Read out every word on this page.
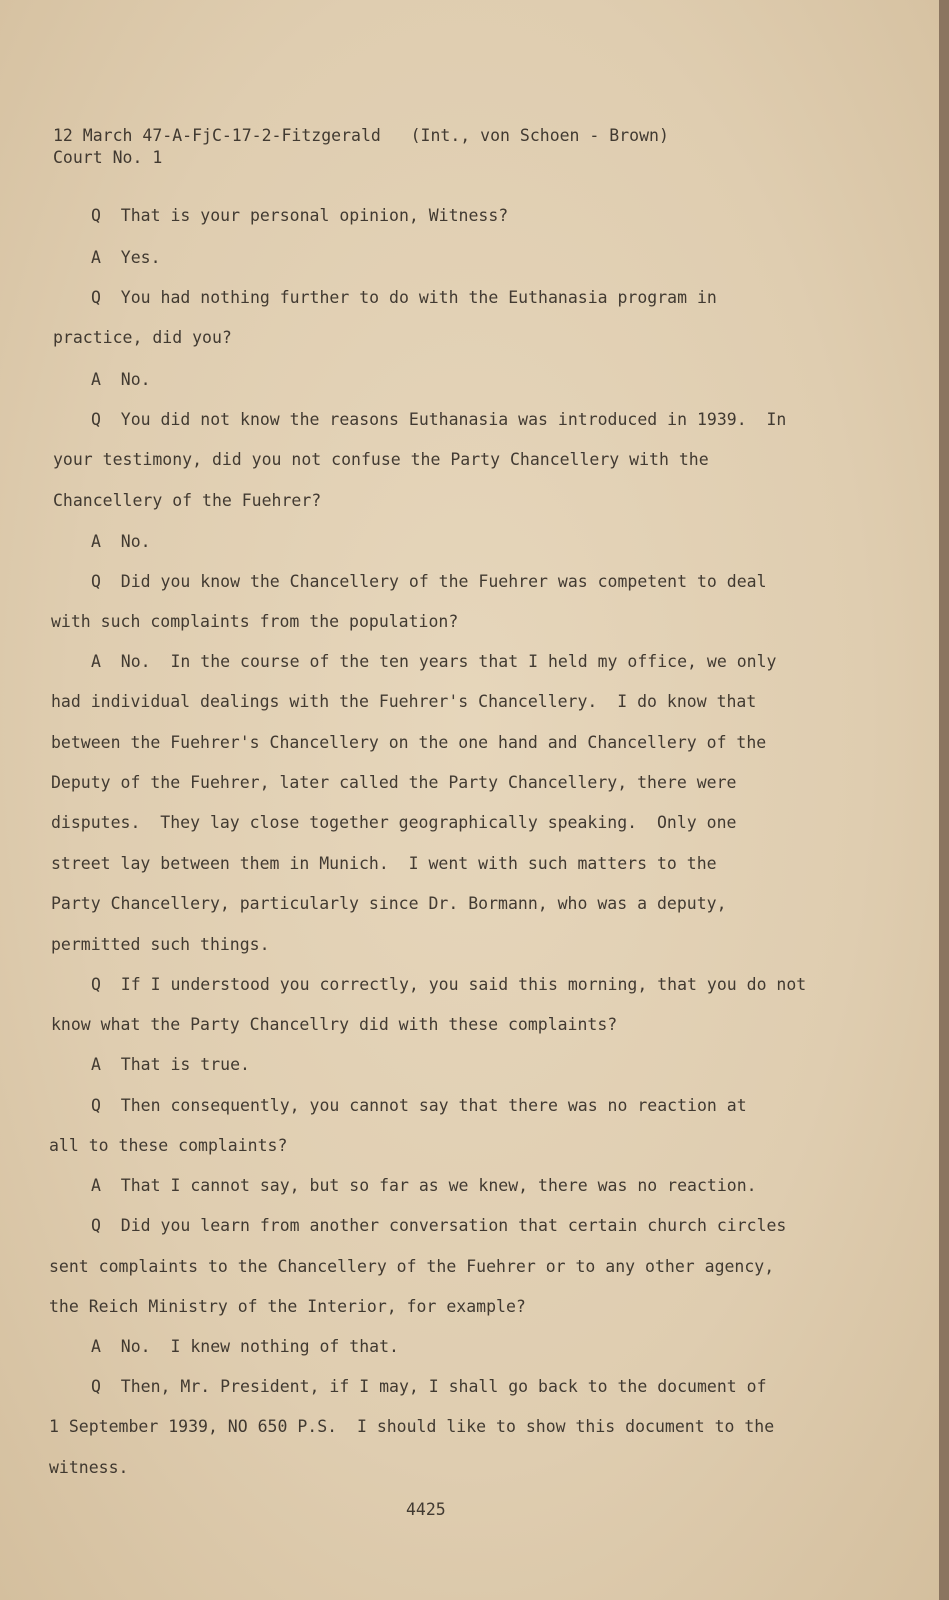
12 March 47-A-FjC-17-2-Fitzgerald   (Int., von Schoen - Brown)

Court No. 1

Q  That is your personal opinion, Witness?

A  Yes.

Q  You had nothing further to do with the Euthanasia program in

practice, did you?

A  No.

Q  You did not know the reasons Euthanasia was introduced in 1939.  In

your testimony, did you not confuse the Party Chancellery with the

Chancellery of the Fuehrer?

A  No.

Q  Did you know the Chancellery of the Fuehrer was competent to deal

with such complaints from the population?

A  No.  In the course of the ten years that I held my office, we only

had individual dealings with the Fuehrer's Chancellery.  I do know that

between the Fuehrer's Chancellery on the one hand and Chancellery of the

Deputy of the Fuehrer, later called the Party Chancellery, there were

disputes.  They lay close together geographically speaking.  Only one

street lay between them in Munich.  I went with such matters to the

Party Chancellery, particularly since Dr. Bormann, who was a deputy,

permitted such things.

Q  If I understood you correctly, you said this morning, that you do not

know what the Party Chancellry did with these complaints?

A  That is true.

Q  Then consequently, you cannot say that there was no reaction at

all to these complaints?

A  That I cannot say, but so far as we knew, there was no reaction.

Q  Did you learn from another conversation that certain church circles

sent complaints to the Chancellery of the Fuehrer or to any other agency,

the Reich Ministry of the Interior, for example?

A  No.  I knew nothing of that.

Q  Then, Mr. President, if I may, I shall go back to the document of

1 September 1939, NO 650 P.S.  I should like to show this document to the

witness.

4425
